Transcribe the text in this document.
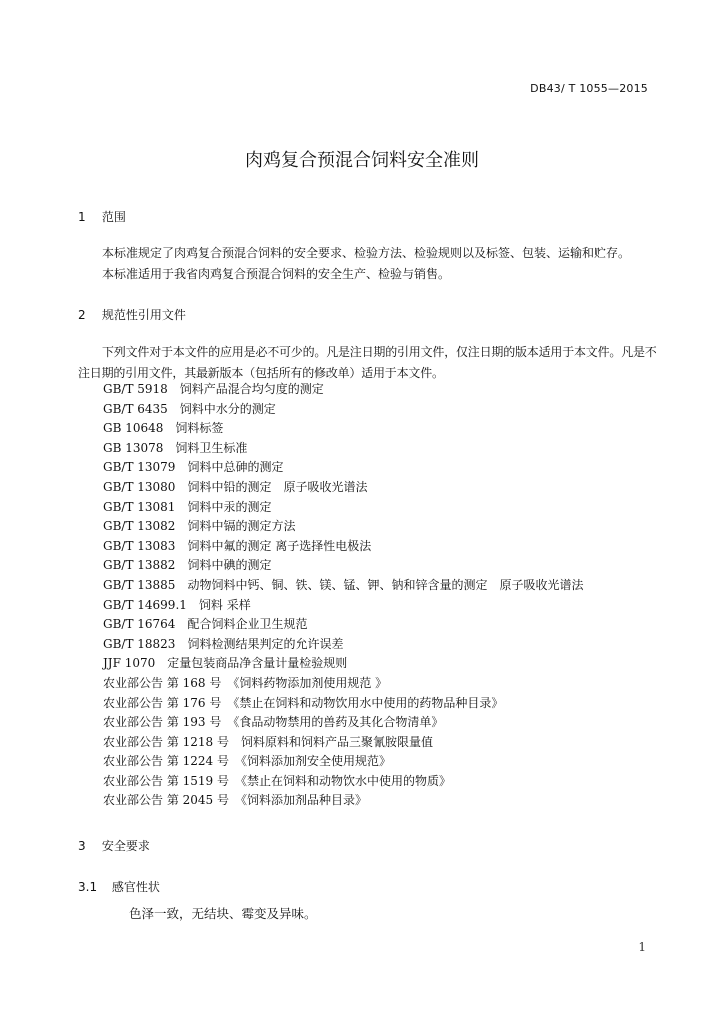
DB43/ T 1055—2015
肉鸡复合预混合饲料安全准则
1 范围

本标准规定了肉鸡复合预混合饲料的安全要求、检验方法、检验规则以及标签、包装、运输和贮存。

本标准适用于我省肉鸡复合预混合饲料的安全生产、检验与销售。

2 规范性引用文件

下列文件对于本文件的应用是必不可少的。凡是注日期的引用文件，仅注日期的版本适用于本文件。凡是不注日期的引用文件，其最新版本（包括所有的修改单）适用于本文件。

GB/T 5918　饲料产品混合均匀度的测定
GB/T 6435　饲料中水分的测定
GB 10648　饲料标签
GB 13078　饲料卫生标准
GB/T 13079　饲料中总砷的测定
GB/T 13080　饲料中铅的测定　原子吸收光谱法
GB/T 13081　饲料中汞的测定
GB/T 13082　饲料中镉的测定方法
GB/T 13083　饲料中氟的测定 离子选择性电极法
GB/T 13882　饲料中碘的测定
GB/T 13885　动物饲料中钙、铜、铁、镁、锰、钾、钠和锌含量的测定　原子吸收光谱法
GB/T 14699.1　饲料 采样
GB/T 16764　配合饲料企业卫生规范
GB/T 18823　饲料检测结果判定的允许误差
JJF 1070　定量包装商品净含量计量检验规则
农业部公告 第 168 号　《饲料药物添加剂使用规范 》
农业部公告 第 176 号　《禁止在饲料和动物饮用水中使用的药物品种目录》
农业部公告 第 193 号　《食品动物禁用的兽药及其化合物清单》
农业部公告 第 1218 号　饲料原料和饲料产品三聚氰胺限量值
农业部公告 第 1224 号　《饲料添加剂安全使用规范》
农业部公告 第 1519 号　《禁止在饲料和动物饮水中使用的物质》
农业部公告 第 2045 号　《饲料添加剂品种目录》
3 安全要求
3.1 感官性状
色泽一致，无结块、霉变及异味。
1
